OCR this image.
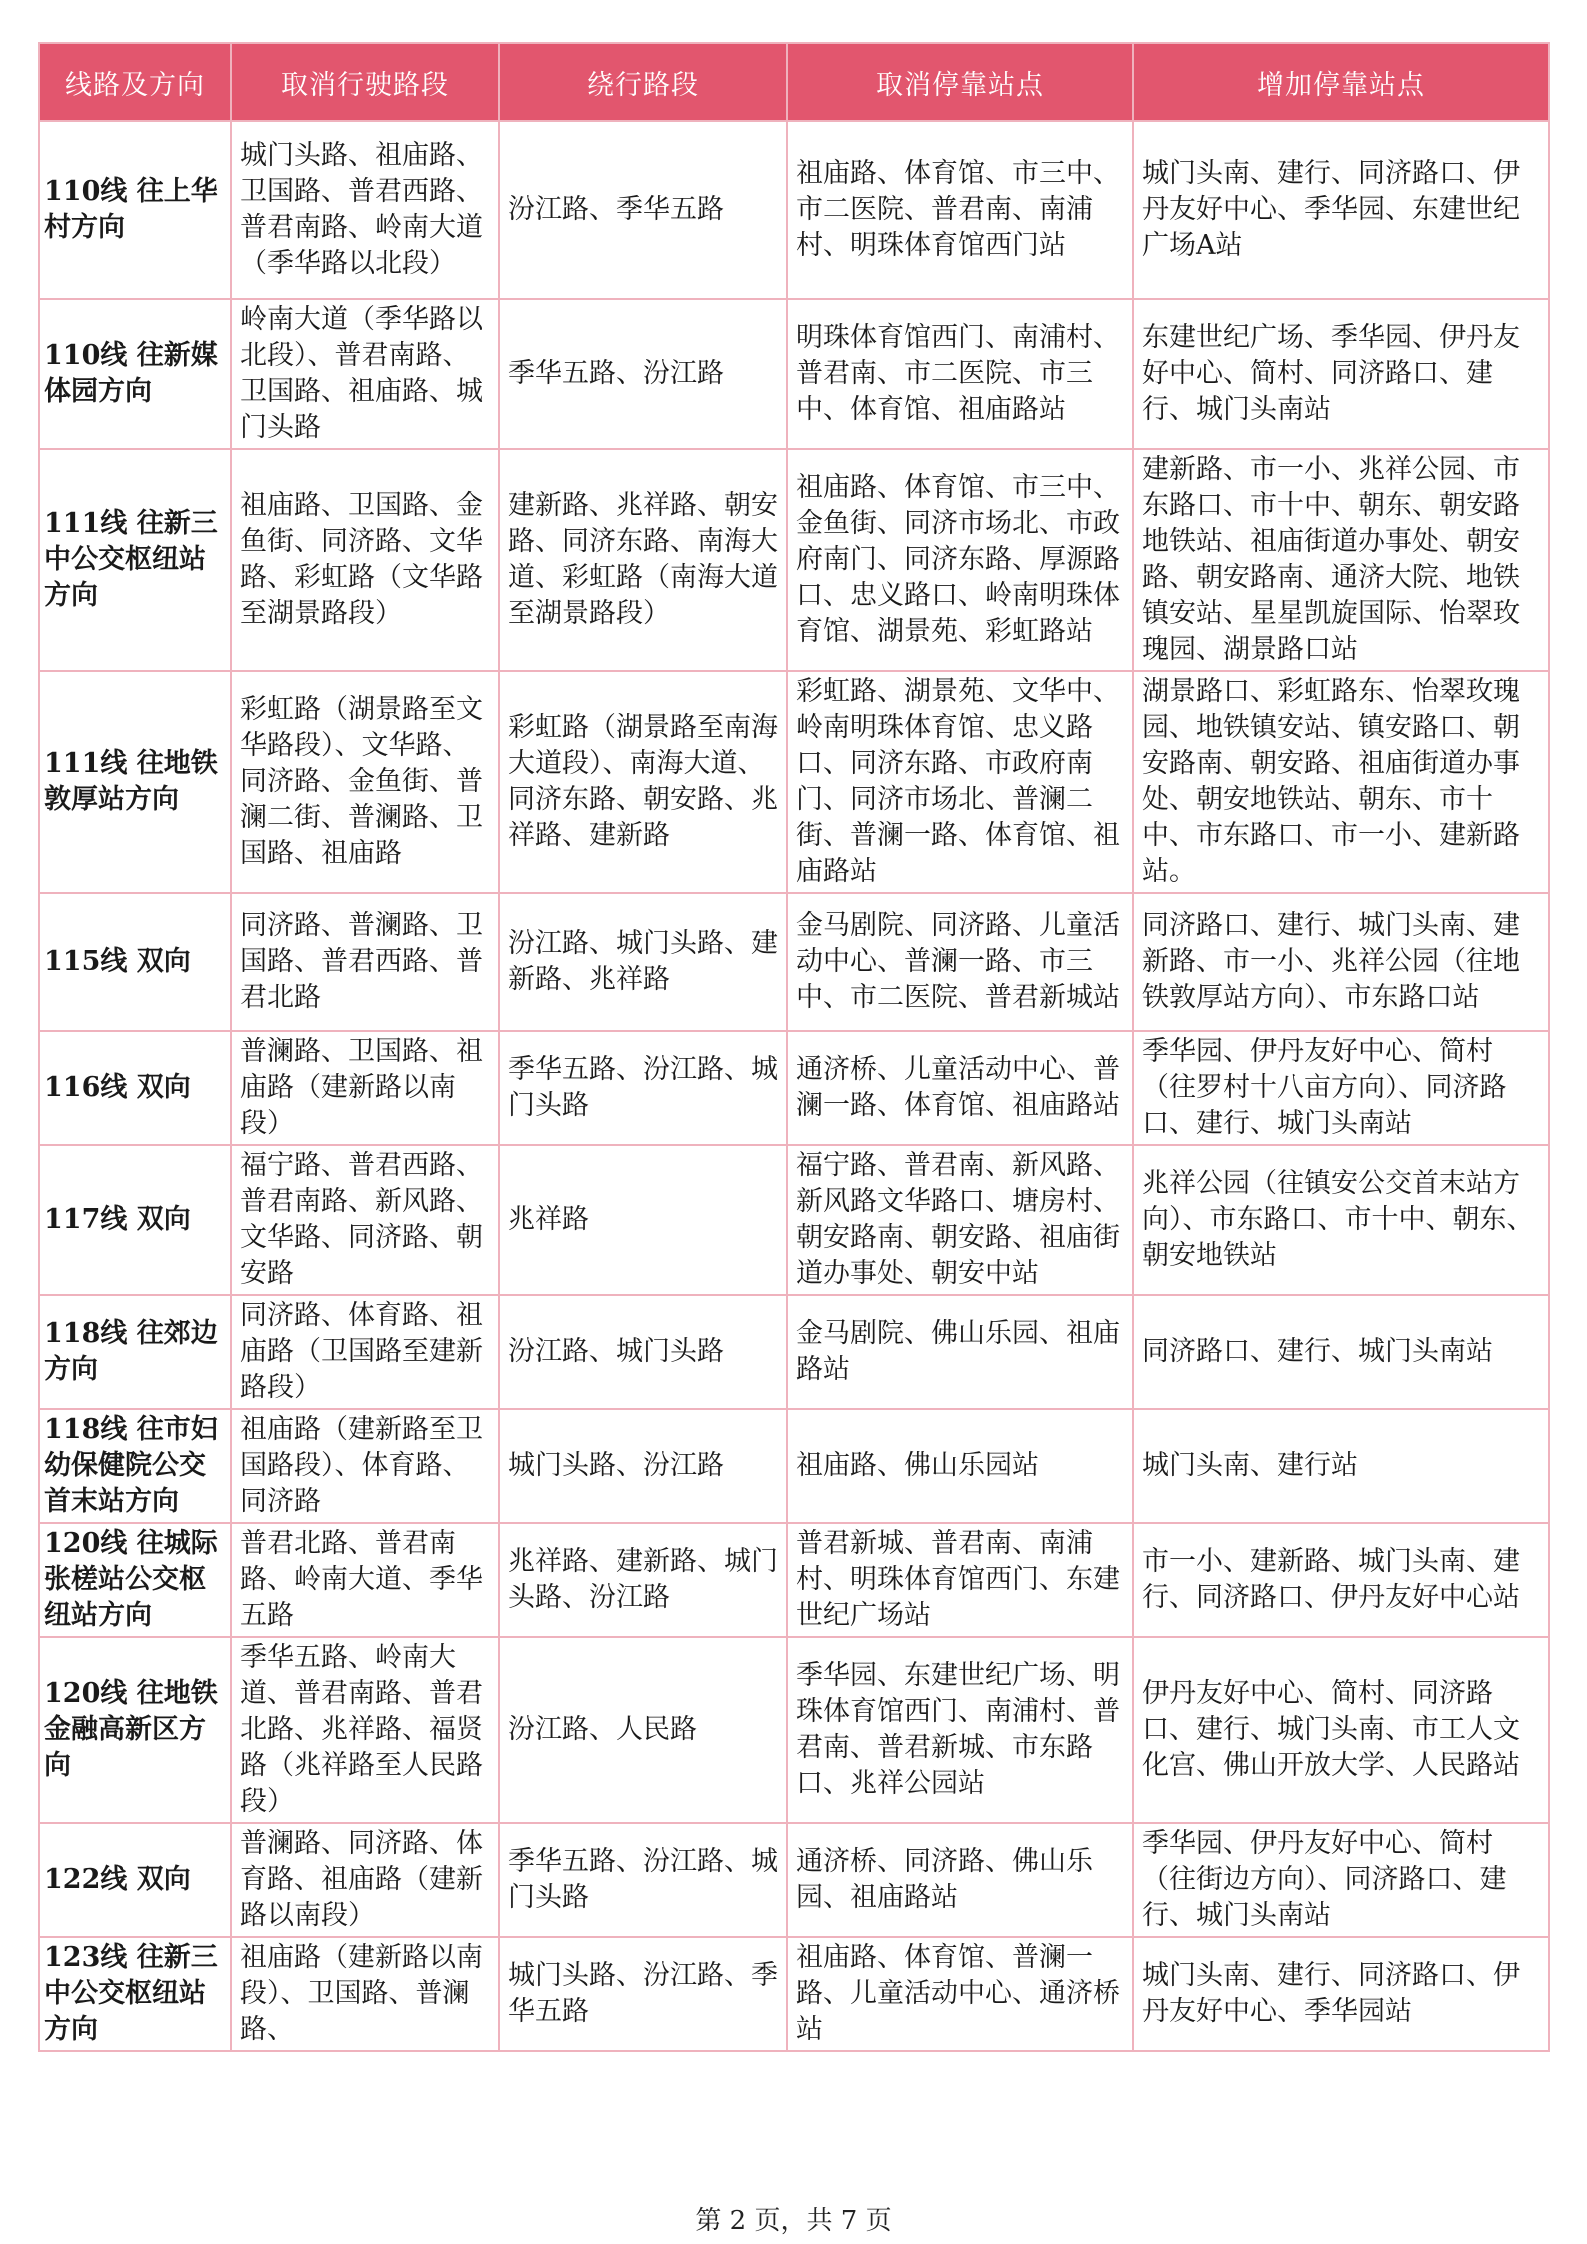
线路及方向	取消行驶路段	绕行路段	取消停靠站点	增加停靠站点
110线 往上华村方向	城门头路、祖庙路、卫国路、普君西路、普君南路、岭南大道（季华路以北段）	汾江路、季华五路	祖庙路、体育馆、市三中、市二医院、普君南、南浦村、明珠体育馆西门站	城门头南、建行、同济路口、伊丹友好中心、季华园、东建世纪广场A站
110线 往新媒体园方向	岭南大道（季华路以北段）、普君南路、卫国路、祖庙路、城门头路	季华五路、汾江路	明珠体育馆西门、南浦村、普君南、市二医院、市三中、体育馆、祖庙路站	东建世纪广场、季华园、伊丹友好中心、简村、同济路口、建行、城门头南站
111线 往新三中公交枢纽站方向	祖庙路、卫国路、金鱼街、同济路、文华路、彩虹路（文华路至湖景路段）	建新路、兆祥路、朝安路、同济东路、南海大道、彩虹路（南海大道至湖景路段）	祖庙路、体育馆、市三中、金鱼街、同济市场北、市政府南门、同济东路、厚源路口、忠义路口、岭南明珠体育馆、湖景苑、彩虹路站	建新路、市一小、兆祥公园、市东路口、市十中、朝东、朝安路地铁站、祖庙街道办事处、朝安路、朝安路南、通济大院、地铁镇安站、星星凯旋国际、怡翠玫瑰园、湖景路口站
111线 往地铁敦厚站方向	彩虹路（湖景路至文华路段）、文华路、同济路、金鱼街、普澜二街、普澜路、卫国路、祖庙路	彩虹路（湖景路至南海大道段）、南海大道、同济东路、朝安路、兆祥路、建新路	彩虹路、湖景苑、文华中、岭南明珠体育馆、忠义路口、同济东路、市政府南门、同济市场北、普澜二街、普澜一路、体育馆、祖庙路站	湖景路口、彩虹路东、怡翠玫瑰园、地铁镇安站、镇安路口、朝安路南、朝安路、祖庙街道办事处、朝安地铁站、朝东、市十中、市东路口、市一小、建新路站。
115线 双向	同济路、普澜路、卫国路、普君西路、普君北路	汾江路、城门头路、建新路、兆祥路	金马剧院、同济路、儿童活动中心、普澜一路、市三中、市二医院、普君新城站	同济路口、建行、城门头南、建新路、市一小、兆祥公园（往地铁敦厚站方向）、市东路口站
116线 双向	普澜路、卫国路、祖庙路（建新路以南段）	季华五路、汾江路、城门头路	通济桥、儿童活动中心、普澜一路、体育馆、祖庙路站	季华园、伊丹友好中心、简村（往罗村十八亩方向）、同济路口、建行、城门头南站
117线 双向	福宁路、普君西路、普君南路、新风路、文华路、同济路、朝安路	兆祥路	福宁路、普君南、新风路、新风路文华路口、塘房村、朝安路南、朝安路、祖庙街道办事处、朝安中站	兆祥公园（往镇安公交首末站方向）、市东路口、市十中、朝东、朝安地铁站
118线 往郊边方向	同济路、体育路、祖庙路（卫国路至建新路段）	汾江路、城门头路	金马剧院、佛山乐园、祖庙路站	同济路口、建行、城门头南站
118线 往市妇幼保健院公交首末站方向	祖庙路（建新路至卫国路段）、体育路、同济路	城门头路、汾江路	祖庙路、佛山乐园站	城门头南、建行站
120线 往城际张槎站公交枢纽站方向	普君北路、普君南路、岭南大道、季华五路	兆祥路、建新路、城门头路、汾江路	普君新城、普君南、南浦村、明珠体育馆西门、东建世纪广场站	市一小、建新路、城门头南、建行、同济路口、伊丹友好中心站
120线 往地铁金融高新区方向	季华五路、岭南大道、普君南路、普君北路、兆祥路、福贤路（兆祥路至人民路段）	汾江路、人民路	季华园、东建世纪广场、明珠体育馆西门、南浦村、普君南、普君新城、市东路口、兆祥公园站	伊丹友好中心、简村、同济路口、建行、城门头南、市工人文化宫、佛山开放大学、人民路站
122线 双向	普澜路、同济路、体育路、祖庙路（建新路以南段）	季华五路、汾江路、城门头路	通济桥、同济路、佛山乐园、祖庙路站	季华园、伊丹友好中心、简村（往街边方向）、同济路口、建行、城门头南站
123线 往新三中公交枢纽站方向	祖庙路（建新路以南段）、卫国路、普澜路、	城门头路、汾江路、季华五路	祖庙路、体育馆、普澜一路、儿童活动中心、通济桥站	城门头南、建行、同济路口、伊丹友好中心、季华园站
第 2 页，共 7 页
